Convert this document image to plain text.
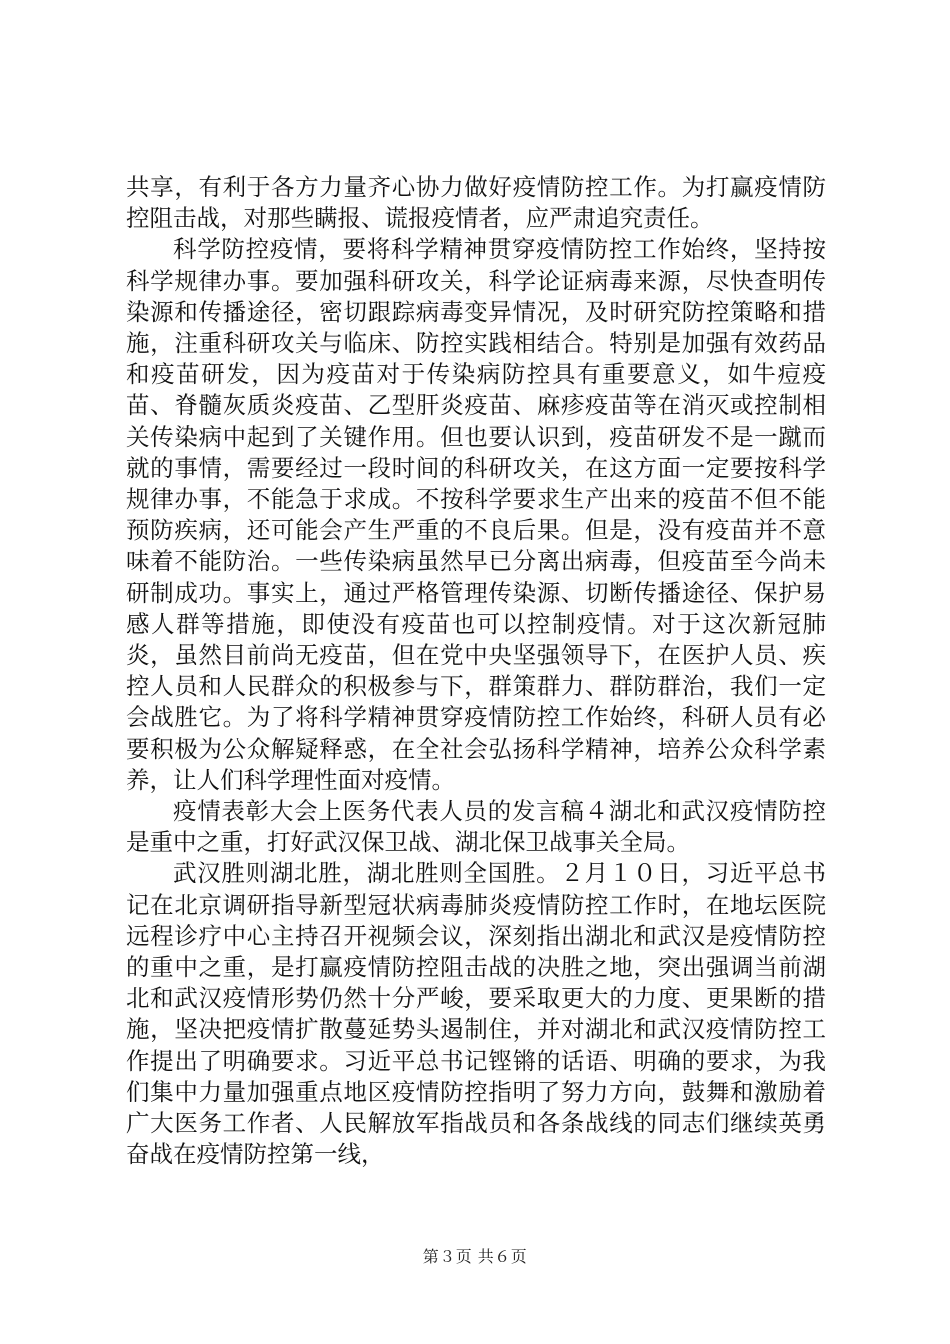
共享，有利于各方力量齐心协力做好疫情防控工作。为打赢疫情防控阻击战，对那些瞒报、谎报疫情者，应严肃追究责任。

科学防控疫情，要将科学精神贯穿疫情防控工作始终，坚持按科学规律办事。要加强科研攻关，科学论证病毒来源，尽快查明传染源和传播途径，密切跟踪病毒变异情况，及时研究防控策略和措施，注重科研攻关与临床、防控实践相结合。特别是加强有效药品和疫苗研发，因为疫苗对于传染病防控具有重要意义，如牛痘疫苗、脊髓灰质炎疫苗、乙型肝炎疫苗、麻疹疫苗等在消灭或控制相关传染病中起到了关键作用。但也要认识到，疫苗研发不是一蹴而就的事情，需要经过一段时间的科研攻关，在这方面一定要按科学规律办事，不能急于求成。不按科学要求生产出来的疫苗不但不能预防疾病，还可能会产生严重的不良后果。但是，没有疫苗并不意味着不能防治。一些传染病虽然早已分离出病毒，但疫苗至今尚未研制成功。事实上，通过严格管理传染源、切断传播途径、保护易感人群等措施，即使没有疫苗也可以控制疫情。对于这次新冠肺炎，虽然目前尚无疫苗，但在党中央坚强领导下，在医护人员、疾控人员和人民群众的积极参与下，群策群力、群防群治，我们一定会战胜它。为了将科学精神贯穿疫情防控工作始终，科研人员有必要积极为公众解疑释惑，在全社会弘扬科学精神，培养公众科学素养，让人们科学理性面对疫情。

疫情表彰大会上医务代表人员的发言稿４湖北和武汉疫情防控是重中之重，打好武汉保卫战、湖北保卫战事关全局。

武汉胜则湖北胜，湖北胜则全国胜。２月１０日，习近平总书记在北京调研指导新型冠状病毒肺炎疫情防控工作时，在地坛医院远程诊疗中心主持召开视频会议，深刻指出湖北和武汉是疫情防控的重中之重，是打赢疫情防控阻击战的决胜之地，突出强调当前湖北和武汉疫情形势仍然十分严峻，要采取更大的力度、更果断的措施，坚决把疫情扩散蔓延势头遏制住，并对湖北和武汉疫情防控工作提出了明确要求。习近平总书记铿锵的话语、明确的要求，为我们集中力量加强重点地区疫情防控指明了努力方向，鼓舞和激励着广大医务工作者、人民解放军指战员和各条战线的同志们继续英勇奋战在疫情防控第一线，

第３页 共６页
